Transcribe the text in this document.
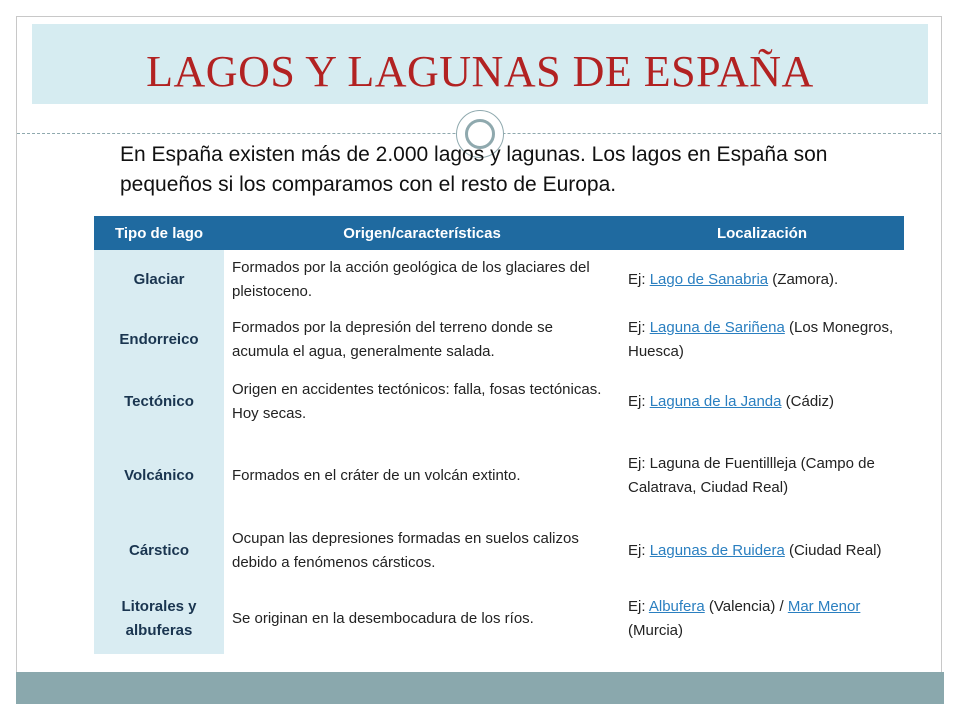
LAGOS Y LAGUNAS DE ESPAÑA

En España existen más de 2.000 lagos y lagunas. Los lagos en España son pequeños si los comparamos con el resto de Europa.

Tipo de lago	Origen/características	Localización
Glaciar	Formados por la acción geológica de los glaciares del pleistoceno.	Ej: Lago de Sanabria (Zamora).
Endorreico	Formados por la depresión del terreno donde se acumula el agua, generalmente salada.	Ej: Laguna de Sariñena (Los Monegros, Huesca)
Tectónico	Origen en accidentes tectónicos: falla, fosas tectónicas. Hoy secas.	Ej: Laguna de la Janda (Cádiz)
Volcánico	Formados en el cráter de un volcán extinto.	Ej: Laguna de Fuentillleja (Campo de Calatrava, Ciudad Real)
Cárstico	Ocupan las depresiones formadas en suelos calizos debido a fenómenos cársticos.	Ej: Lagunas de Ruidera (Ciudad Real)
Litorales y albuferas	Se originan en la desembocadura de los ríos.	Ej: Albufera (Valencia) / Mar Menor (Murcia)
